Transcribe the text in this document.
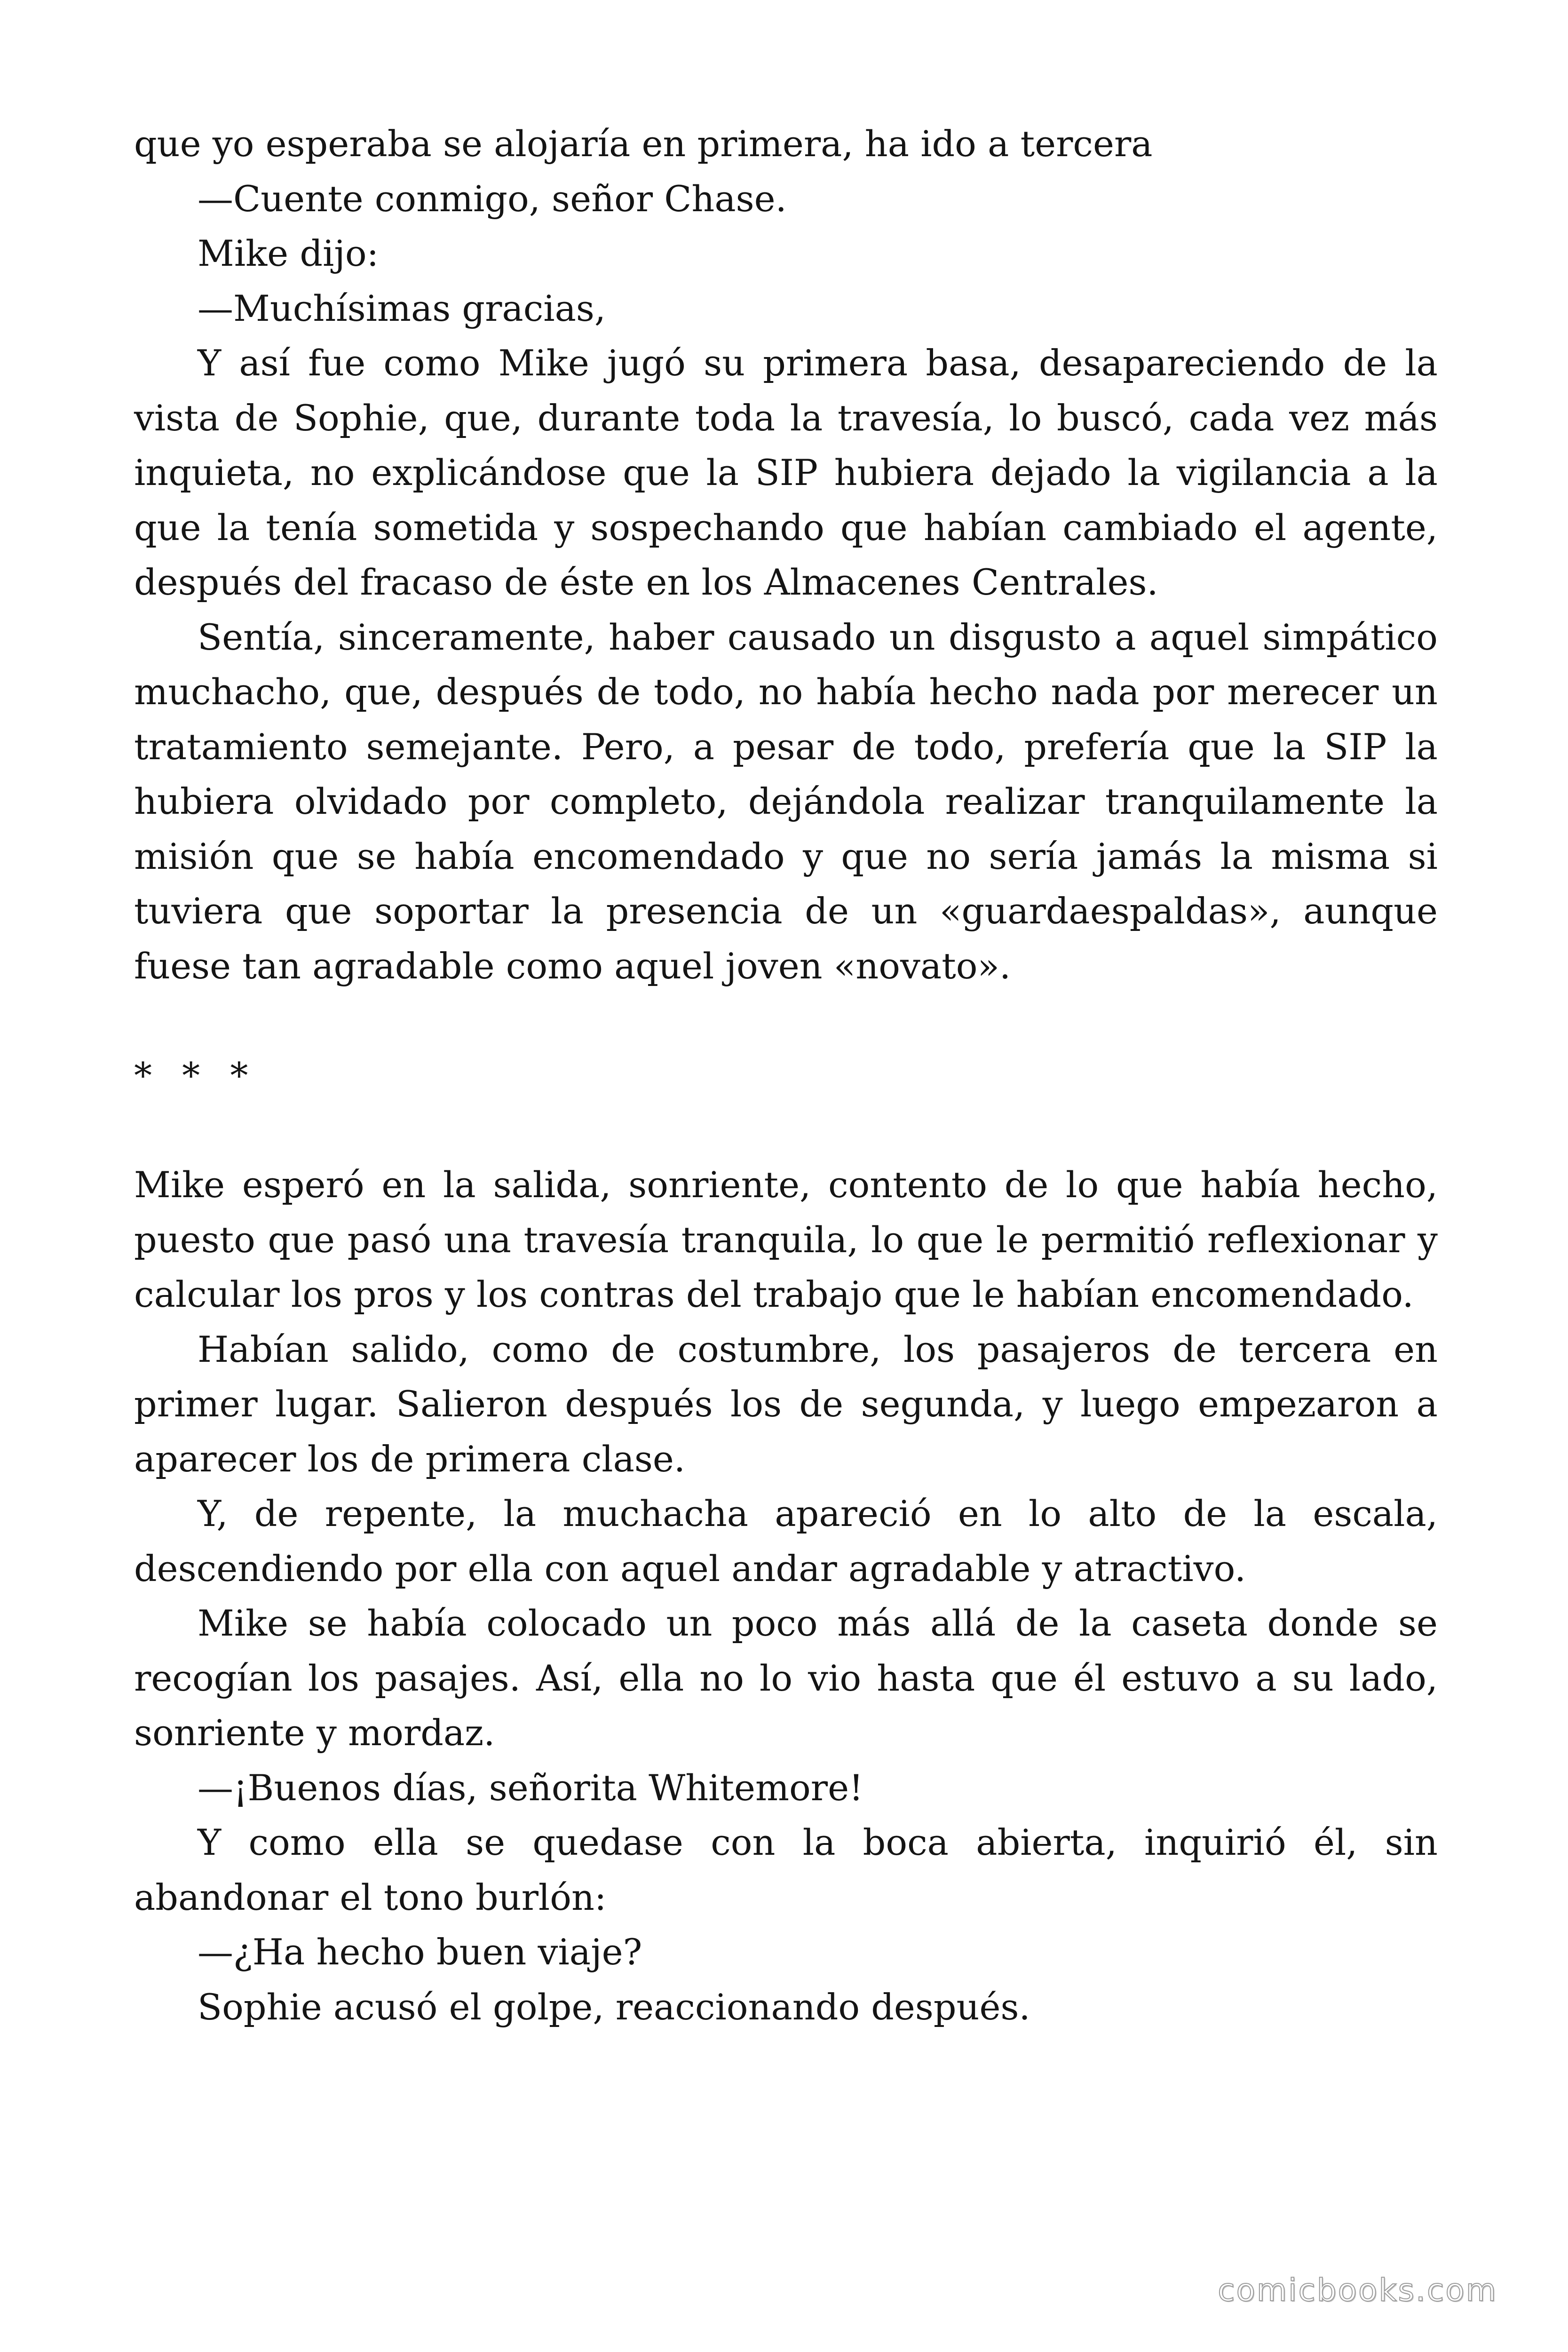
que yo esperaba se alojaría en primera, ha ido a tercera

—Cuente conmigo, señor Chase.

Mike dijo:

—Muchísimas gracias,

Y así fue como Mike jugó su primera basa, desapareciendo de la vista de Sophie, que, durante toda la travesía, lo buscó, cada vez más inquieta, no explicándose que la SIP hubiera dejado la vigilancia a la que la tenía sometida y sospechando que habían cambiado el agente, después del fracaso de éste en los Almacenes Centrales.

Sentía, sinceramente, haber causado un disgusto a aquel simpático muchacho, que, después de todo, no había hecho nada por merecer un tratamiento semejante. Pero, a pesar de todo, prefería que la SIP la hubiera olvidado por completo, dejándola realizar tranquilamente la misión que se había encomendado y que no sería jamás la misma si tuviera que soportar la presencia de un «guardaespaldas», aunque fuese tan agradable como aquel joven «novato».

* * *

Mike esperó en la salida, sonriente, contento de lo que había hecho, puesto que pasó una travesía tranquila, lo que le permitió reflexionar y calcular los pros y los contras del trabajo que le habían encomendado.

Habían salido, como de costumbre, los pasajeros de tercera en primer lugar. Salieron después los de segunda, y luego empezaron a aparecer los de primera clase.

Y, de repente, la muchacha apareció en lo alto de la escala, descendiendo por ella con aquel andar agradable y atractivo.

Mike se había colocado un poco más allá de la caseta donde se recogían los pasajes. Así, ella no lo vio hasta que él estuvo a su lado, sonriente y mordaz.

—¡Buenos días, señorita Whitemore!

Y como ella se quedase con la boca abierta, inquirió él, sin abandonar el tono burlón:

—¿Ha hecho buen viaje?

Sophie acusó el golpe, reaccionando después.

comicbooks.com
